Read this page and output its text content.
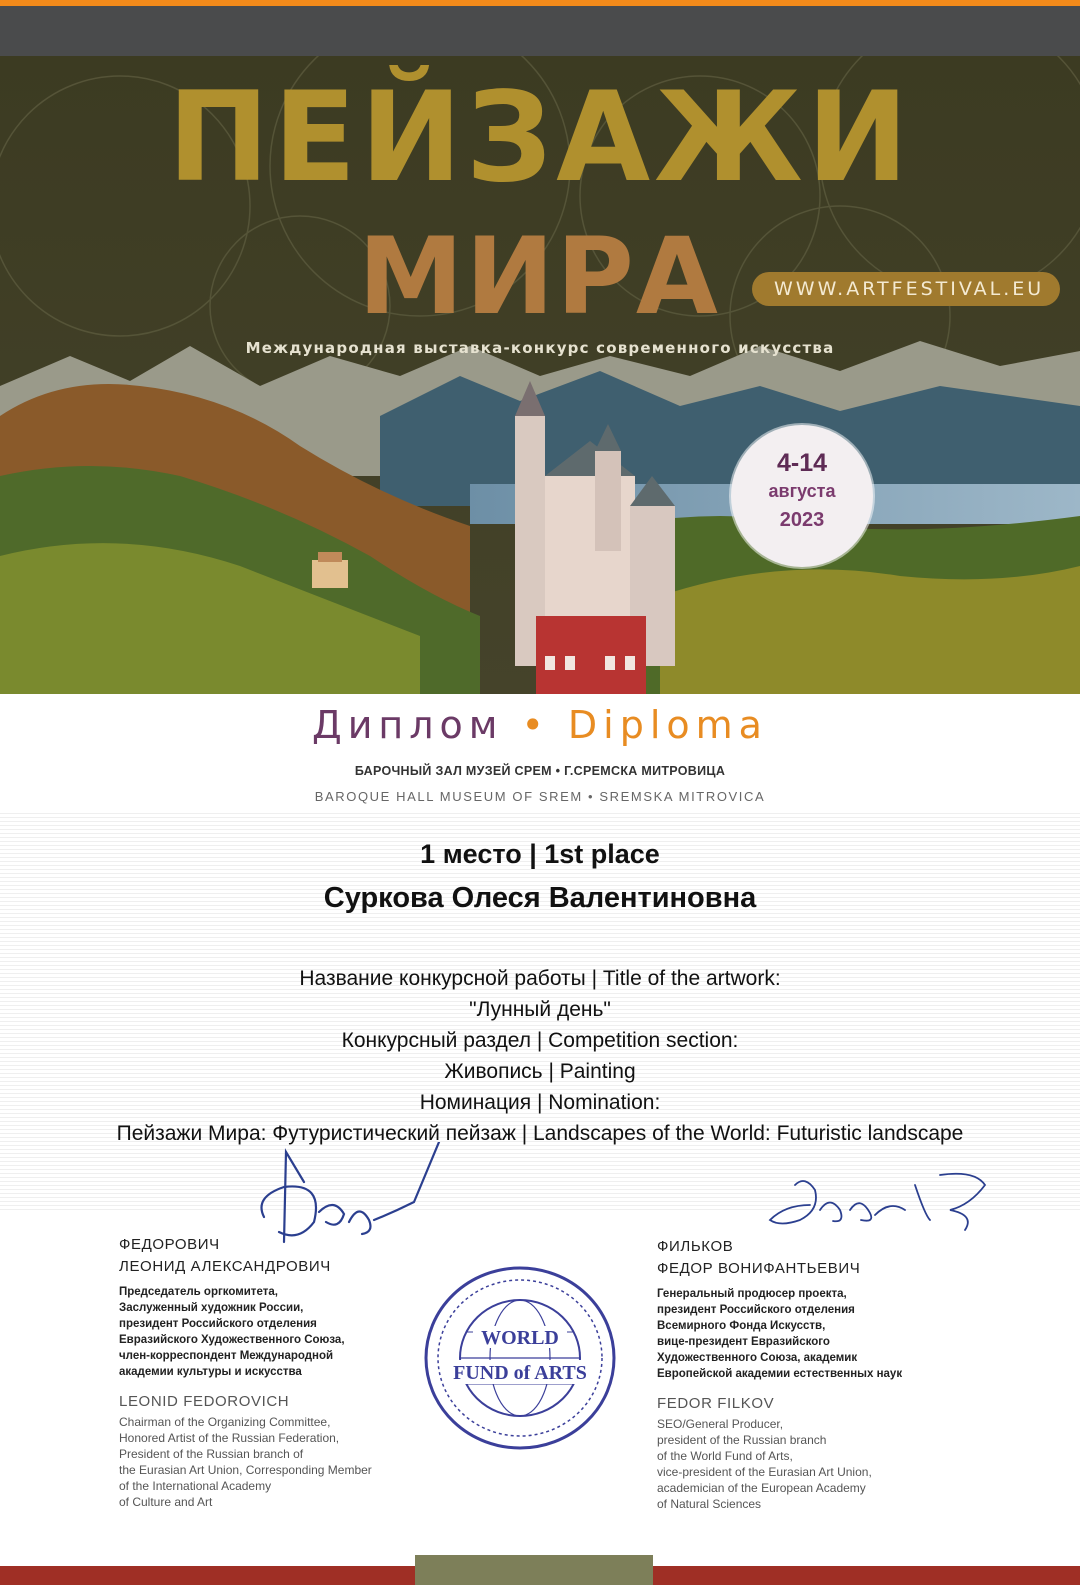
ПЕЙЗАЖИ
МИРА	WWW.ARTFESTIVAL.EU
Международная выставка-конкурс современного искусства
4-14
августа
2023
Диплом • Diploma
БАРОЧНЫЙ ЗАЛ МУЗЕЙ СРЕМ • Г.СРЕМСКА МИТРОВИЦА
BAROQUE HALL MUSEUM OF SREM • SREMSKA MITROVICA
1 место | 1st place
Суркова Олеся Валентиновна
Название конкурсной работы | Title of the artwork:
"Лунный день"
Конкурсный раздел | Competition section:
Живопись | Painting
Номинация | Nomination:
Пейзажи Мира: Футуристический пейзаж | Landscapes of the World: Futuristic landscape
ФЕДОРОВИЧ
ЛЕОНИД АЛЕКСАНДРОВИЧ
Председатель оргкомитета,
Заслуженный художник России,
президент Российского отделения
Евразийского Художественного Союза,
член-корреспондент Международной
академии культуры и искусства
LEONID FEDOROVICH
Chairman of the Organizing Committee,
Honored Artist of the Russian Federation,
President of the Russian branch of
the Eurasian Art Union, Corresponding Member
of the International Academy
of Culture and Art
ФИЛЬКОВ
ФЕДОР ВОНИФАНТЬЕВИЧ
Генеральный продюсер проекта,
президент Российского отделения
Всемирного Фонда Искусств,
вице-президент Евразийского
Художественного Союза, академик
Европейской академии естественных наук
FEDOR FILKOV
SEO/General Producer,
president of the Russian branch
of the World Fund of Arts,
vice-president of the Eurasian Art Union,
academician of the European Academy
of Natural Sciences
WORLD
FUND of ARTS
